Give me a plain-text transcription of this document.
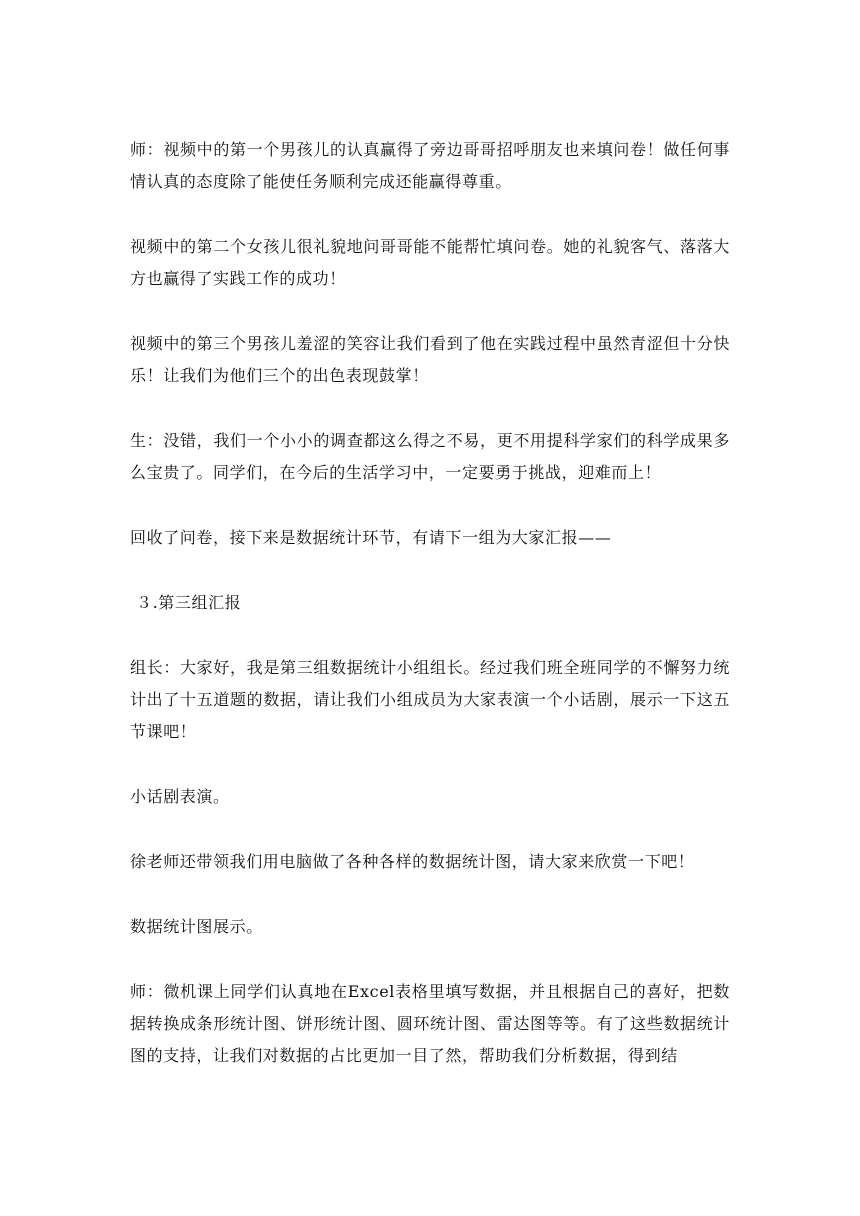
师：视频中的第一个男孩儿的认真赢得了旁边哥哥招呼朋友也来填问卷！做任何事情认真的态度除了能使任务顺利完成还能赢得尊重。

视频中的第二个女孩儿很礼貌地问哥哥能不能帮忙填问卷。她的礼貌客气、落落大方也赢得了实践工作的成功！

视频中的第三个男孩儿羞涩的笑容让我们看到了他在实践过程中虽然青涩但十分快乐！让我们为他们三个的出色表现鼓掌！

生：没错，我们一个小小的调查都这么得之不易，更不用提科学家们的科学成果多么宝贵了。同学们，在今后的生活学习中，一定要勇于挑战，迎难而上！

回收了问卷，接下来是数据统计环节，有请下一组为大家汇报——

３.第三组汇报

组长：大家好，我是第三组数据统计小组组长。经过我们班全班同学的不懈努力统计出了十五道题的数据，请让我们小组成员为大家表演一个小话剧，展示一下这五节课吧！

小话剧表演。

徐老师还带领我们用电脑做了各种各样的数据统计图，请大家来欣赏一下吧！

数据统计图展示。

师：微机课上同学们认真地在Excel表格里填写数据，并且根据自己的喜好，把数据转换成条形统计图、饼形统计图、圆环统计图、雷达图等等。有了这些数据统计图的支持，让我们对数据的占比更加一目了然，帮助我们分析数据，得到结
